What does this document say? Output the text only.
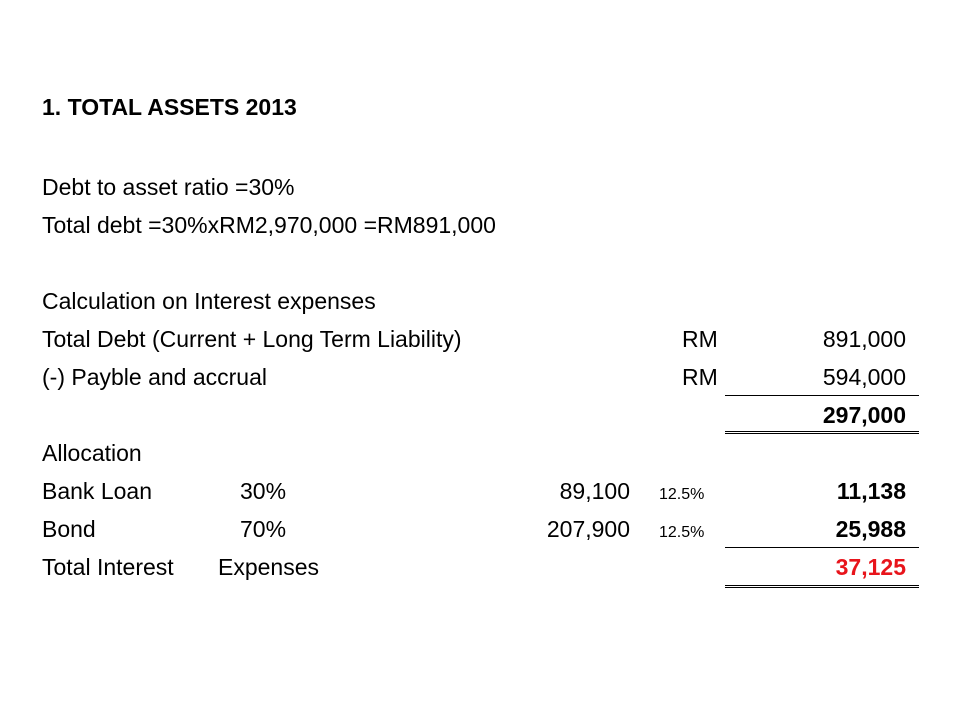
1. TOTAL ASSETS 2013
Debt to asset ratio =30%
Total debt =30%xRM2,970,000 =RM891,000
Calculation on Interest expenses
Total Debt (Current + Long Term Liability)	RM	891,000
(-) Payble and accrual	RM	594,000
297,000
Allocation
Bank Loan	30%	89,100 12.5%	11,138
Bond	70%	207,900 12.5%	25,988
Total Interest Expenses	37,125
